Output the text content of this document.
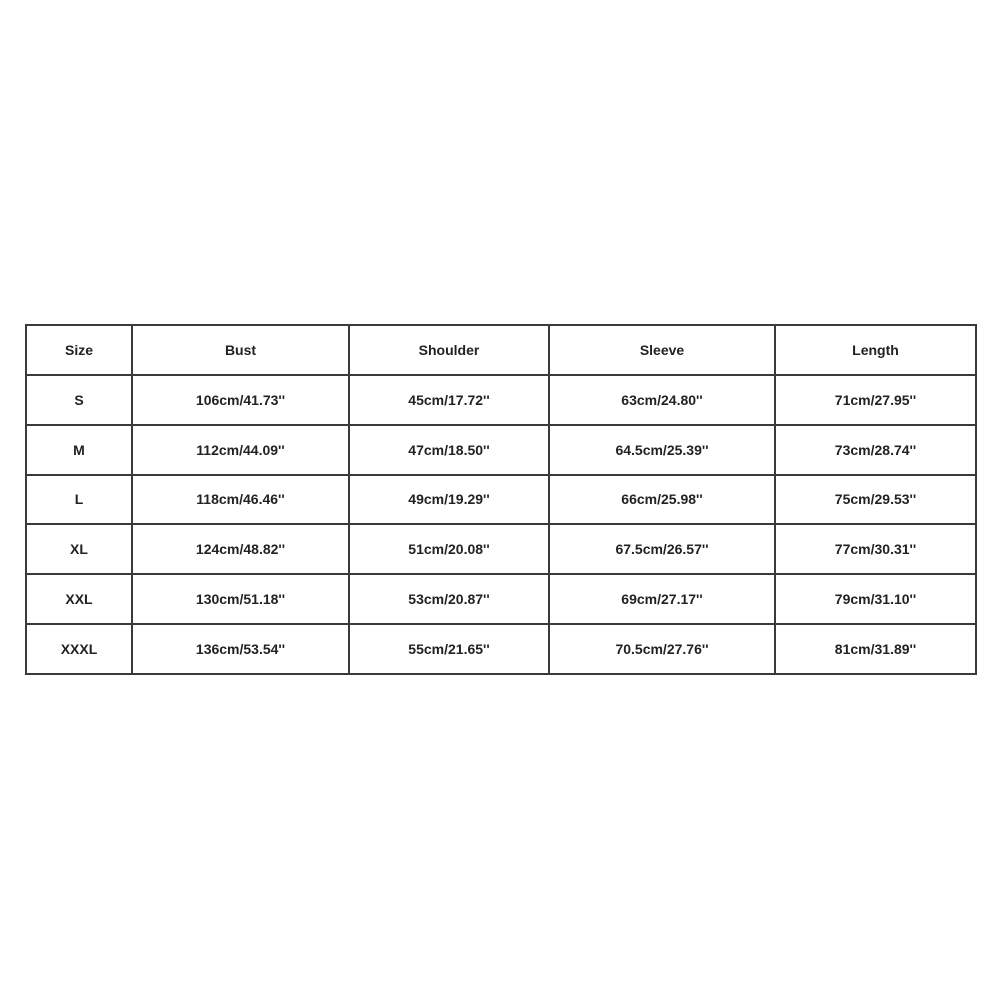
Size	Bust	Shoulder	Sleeve	Length
S	106cm/41.73''	45cm/17.72''	63cm/24.80''	71cm/27.95''
M	112cm/44.09''	47cm/18.50''	64.5cm/25.39''	73cm/28.74''
L	118cm/46.46''	49cm/19.29''	66cm/25.98''	75cm/29.53''
XL	124cm/48.82''	51cm/20.08''	67.5cm/26.57''	77cm/30.31''
XXL	130cm/51.18''	53cm/20.87''	69cm/27.17''	79cm/31.10''
XXXL	136cm/53.54''	55cm/21.65''	70.5cm/27.76''	81cm/31.89''
